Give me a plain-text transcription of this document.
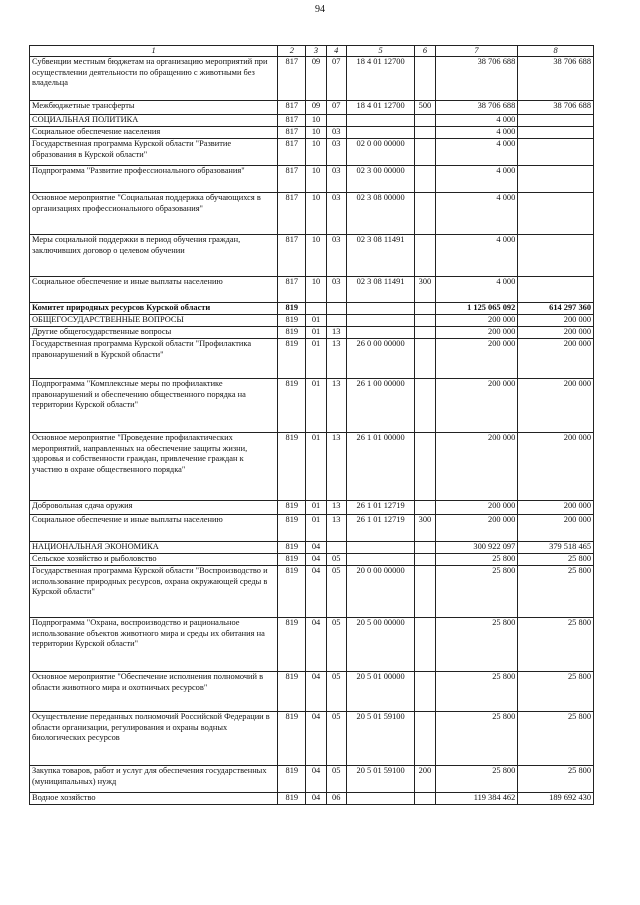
94
1	2	3	4	5	6	7	8
Субвенции местным бюджетам на организацию мероприятий при осуществлении деятельности по обращению с животными без владельца	817	09	07	18 4 01 12700		38 706 688	38 706 688
Межбюджетные трансферты	817	09	07	18 4 01 12700	500	38 706 688	38 706 688
СОЦИАЛЬНАЯ ПОЛИТИКА	817	10				4 000	
Социальное обеспечение населения	817	10	03			4 000	
Государственная программа Курской области "Развитие образования в Курской области"	817	10	03	02 0 00 00000		4 000	
Подпрограмма "Развитие профессионального образования"	817	10	03	02 3 00 00000		4 000	
Основное мероприятие "Социальная поддержка обучающихся в организациях профессионального образования"	817	10	03	02 3 08 00000		4 000	
Меры социальной поддержки в период обучения граждан, заключивших договор о целевом обучении	817	10	03	02 3 08 11491		4 000	
Социальное обеспечение и иные выплаты населению	817	10	03	02 3 08 11491	300	4 000	
Комитет природных ресурсов Курской области	819					1 125 065 092	614 297 360
ОБЩЕГОСУДАРСТВЕННЫЕ ВОПРОСЫ	819	01				200 000	200 000
Другие общегосударственные вопросы	819	01	13			200 000	200 000
Государственная программа Курской области "Профилактика правонарушений в Курской области"	819	01	13	26 0 00 00000		200 000	200 000
Подпрограмма "Комплексные меры по профилактике правонарушений и обеспечению общественного порядка на территории Курской области"	819	01	13	26 1 00 00000		200 000	200 000
Основное мероприятие "Проведение профилактических мероприятий, направленных на обеспечение защиты жизни, здоровья и собственности граждан, привлечение граждан к участию в охране общественного порядка"	819	01	13	26 1 01 00000		200 000	200 000
Добровольная сдача оружия	819	01	13	26 1 01 12719		200 000	200 000
Социальное обеспечение и иные выплаты населению	819	01	13	26 1 01 12719	300	200 000	200 000
НАЦИОНАЛЬНАЯ ЭКОНОМИКА	819	04				300 922 097	379 518 465
Сельское хозяйство и рыболовство	819	04	05			25 800	25 800
Государственная программа Курской области "Воспроизводство и использование природных ресурсов, охрана окружающей среды в Курской области"	819	04	05	20 0 00 00000		25 800	25 800
Подпрограмма "Охрана, воспроизводство и рациональное использование объектов животного мира и среды их обитания на территории Курской области"	819	04	05	20 5 00 00000		25 800	25 800
Основное мероприятие "Обеспечение исполнения полномочий в области животного мира и охотничьих ресурсов"	819	04	05	20 5 01 00000		25 800	25 800
Осуществление переданных полномочий Российской Федерации в области организации, регулирования и охраны водных биологических ресурсов	819	04	05	20 5 01 59100		25 800	25 800
Закупка товаров, работ и услуг для обеспечения государственных (муниципальных) нужд	819	04	05	20 5 01 59100	200	25 800	25 800
Водное хозяйство	819	04	06			119 384 462	189 692 430
